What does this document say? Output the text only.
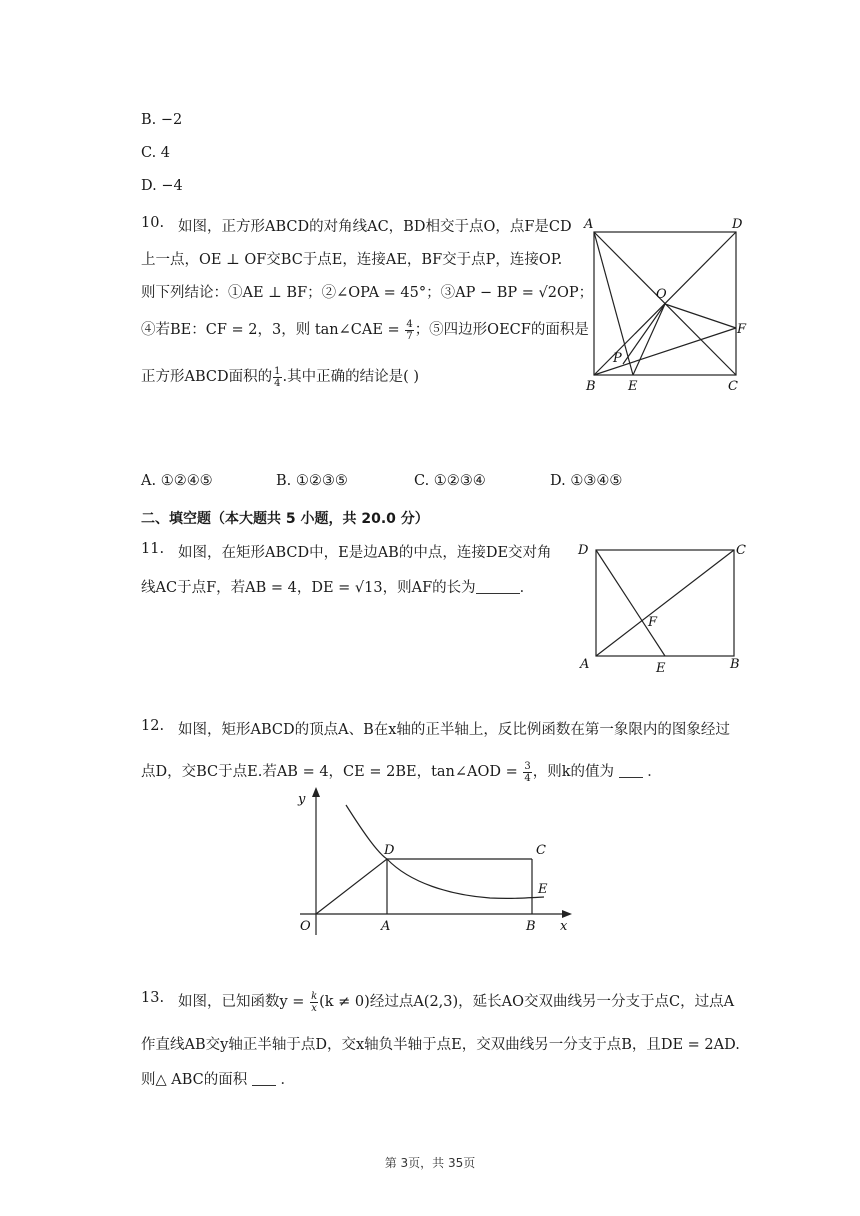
B. −2
C. 4
D. −4
10. 如图，正方形ABCD的对角线AC，BD相交于点O，点F是CD
上一点，OE ⊥ OF交BC于点E，连接AE，BF交于点P，连接OP.
则下列结论：①AE ⊥ BF；②∠OPA = 45°；③AP − BP = √2OP；
④若BE：CF = 2，3，则 tan∠CAE = $\frac{4}{7}$ ；⑤四边形OECF的面积是
正方形ABCD面积的 $\frac{1}{4}$ .其中正确的结论是( )
A	D
B	C
O
F
P
E
A. ①②④⑤	B. ①②③⑤	C. ①②③④	D. ①③④⑤
二、填空题（本大题共 5 小题，共 20.0 分）
11. 如图，在矩形ABCD中，E是边AB的中点，连接DE交对角
线AC于点F，若AB = 4，DE = √13，则AF的长为	．
D	C
A	B
E
F
12. 如图，矩形ABCD的顶点A、B在x轴的正半轴上，反比例函数在第一象限内的图象经过
点D，交BC于点E.若AB = 4，CE = 2BE，tan∠AOD = $\frac{3}{4}$ ，则k的值为 ．
y
x
O	A	B
D	C
E
13. 如图，已知函数$y = \frac{k}{x} (k \ne 0)$经过点A(2,3)，延长AO交双曲线另一分支于点C，过点A
作直线AB交y轴正半轴于点D，交x轴负半轴于点E，交双曲线另一分支于点B，且DE = 2AD.
则△ ABC的面积 ．
第 3页，共 35页
